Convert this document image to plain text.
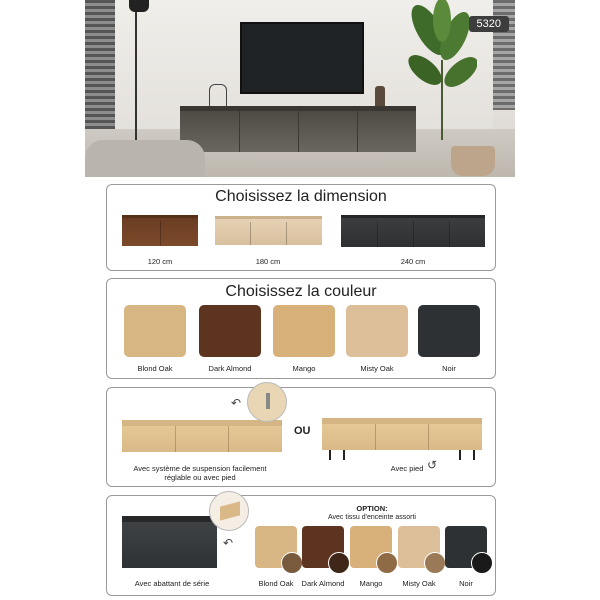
5320
Choisissez la dimension
120 cm	180 cm	240 cm
Choisissez la couleur
Blond Oak	Dark Almond	Mango	Misty Oak	Noir
↶
OU
↺
Avec système de suspension facilement réglable ou avec pied
Avec pied
↶
Avec abattant de série
OPTION:
Avec tissu d'enceinte assorti
Blond Oak	Dark Almond	Mango	Misty Oak	Noir
